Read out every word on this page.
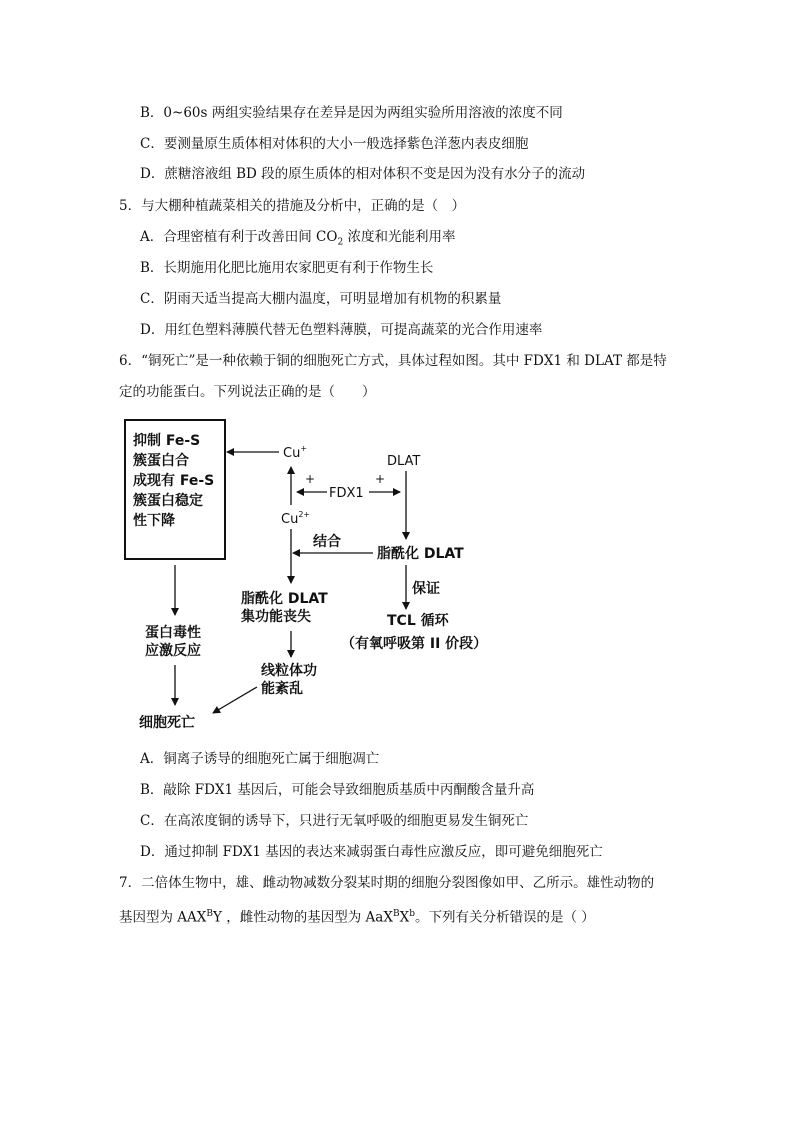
B．0~60s 两组实验结果存在差异是因为两组实验所用溶液的浓度不同
C．要测量原生质体相对体积的大小一般选择紫色洋葱内表皮细胞
D．蔗糖溶液组 BD 段的原生质体的相对体积不变是因为没有水分子的流动
5．与大棚种植蔬菜相关的措施及分析中，正确的是（　）
A．合理密植有利于改善田间 $CO_2$ 浓度和光能利用率
B．长期施用化肥比施用农家肥更有利于作物生长
C．阴雨天适当提高大棚内温度，可明显增加有机物的积累量
D．用红色塑料薄膜代替无色塑料薄膜，可提高蔬菜的光合作用速率
6．“铜死亡”是一种依赖于铜的细胞死亡方式，具体过程如图。其中 FDX1 和 DLAT 都是特
定的功能蛋白。下列说法正确的是（　　）
抑制 Fe-S
簇蛋白合
成现有 Fe-S
簇蛋白稳定
性下降
Cu+
$Cu^{2+}$
+
FDX1
+
DLAT
脂酰化 DLAT
结合
保证
TCL 循环
（有氧呼吸第 II 价段）
脂酰化 DLAT
集功能丧失
线粒体功
能紊乱
蛋白毒性
应激反应
细胞死亡
A．铜离子诱导的细胞死亡属于细胞凋亡
B．敲除 FDX1 基因后，可能会导致细胞质基质中丙酮酸含量升高
C．在高浓度铜的诱导下，只进行无氧呼吸的细胞更易发生铜死亡
D．通过抑制 FDX1 基因的表达来减弱蛋白毒性应激反应，即可避免细胞死亡
7．二倍体生物中，雄、雌动物减数分裂某时期的细胞分裂图像如甲、乙所示。雄性动物的
基因型为 $AAX^BY$ ，雌性动物的基因型为 $AaX^BX^b$。下列有关分析错误的是（ ）
